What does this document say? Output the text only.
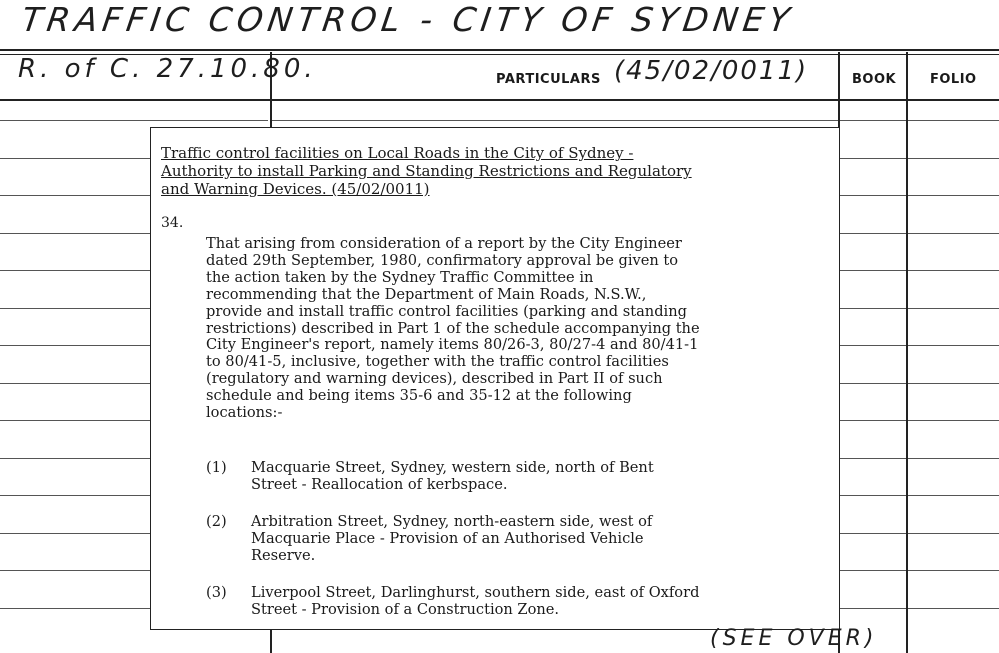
TRAFFIC CONTROL - CITY OF SYDNEY
R. of C. 27.10.80.	PARTICULARS (45/02/0011)	BOOK	FOLIO
Traffic control facilities on Local Roads in the City of Sydney -
Authority to install Parking and Standing Restrictions and Regulatory
and Warning Devices. (45/02/0011)
34.
That arising from consideration of a report by the City Engineer
dated 29th September, 1980, confirmatory approval be given to
the action taken by the Sydney Traffic Committee in
recommending that the Department of Main Roads, N.S.W.,
provide and install traffic control facilities (parking and standing
restrictions) described in Part 1 of the schedule accompanying the
City Engineer's report, namely items 80/26-3, 80/27-4 and 80/41-1
to 80/41-5, inclusive, together with the traffic control facilities
(regulatory and warning devices), described in Part II of such
schedule and being items 35-6 and 35-12 at the following
locations:-
(1) Macquarie Street, Sydney, western side, north of Bent
Street - Reallocation of kerbspace.
(2) Arbitration Street, Sydney, north-eastern side, west of
Macquarie Place - Provision of an Authorised Vehicle
Reserve.
(3) Liverpool Street, Darlinghurst, southern side, east of Oxford
Street - Provision of a Construction Zone.
(SEE OVER)
